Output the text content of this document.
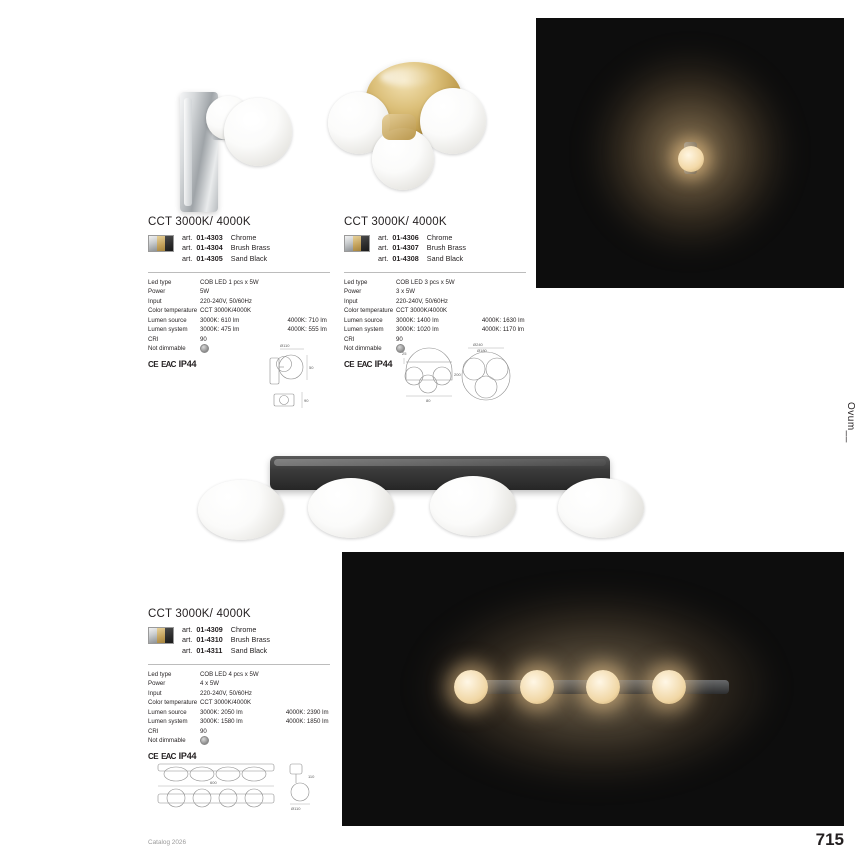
CCT 3000K/ 4000K
art.	01-4303	Chrome
art.	01-4304	Brush Brass
art.	01-4305	Sand Black
Led type	COB LED 1 pcs x 5W	
Power	5W	
Input	220-240V, 50/60Hz	
Color temperature	CCT 3000K/4000K	
Lumen source	3000K: 610 lm	4000K: 710 lm
Lumen system	3000K: 475 lm	4000K: 555 lm
CRI	90	
Not dimmable		
CE EAC IP44
CCT 3000K/ 4000K
art.	01-4306	Chrome
art.	01-4307	Brush Brass
art.	01-4308	Sand Black
Led type	COB LED 3 pcs x 5W	
Power	3 x 5W	
Input	220-240V, 50/60Hz	
Color temperature	CCT 3000K/4000K	
Lumen source	3000K: 1400 lm	4000K: 1630 lm
Lumen system	3000K: 1020 lm	4000K: 1170 lm
CRI	90	
Not dimmable		
CE EAC IP44
Ø110
50
90
25
Ø240
Ø180
200
80
Ovum__
CCT 3000K/ 4000K
art.	01-4309	Chrome
art.	01-4310	Brush Brass
art.	01-4311	Sand Black
Led type	COB LED 4 pcs x 5W	
Power	4 x 5W	
Input	220-240V, 50/60Hz	
Color temperature	CCT 3000K/4000K	
Lumen source	3000K: 2050 lm	4000K: 2390 lm
Lumen system	3000K: 1580 lm	4000K: 1850 lm
CRI	90	
Not dimmable		
CE EAC IP44
600
Ø110
110
Catalog 2026	715
